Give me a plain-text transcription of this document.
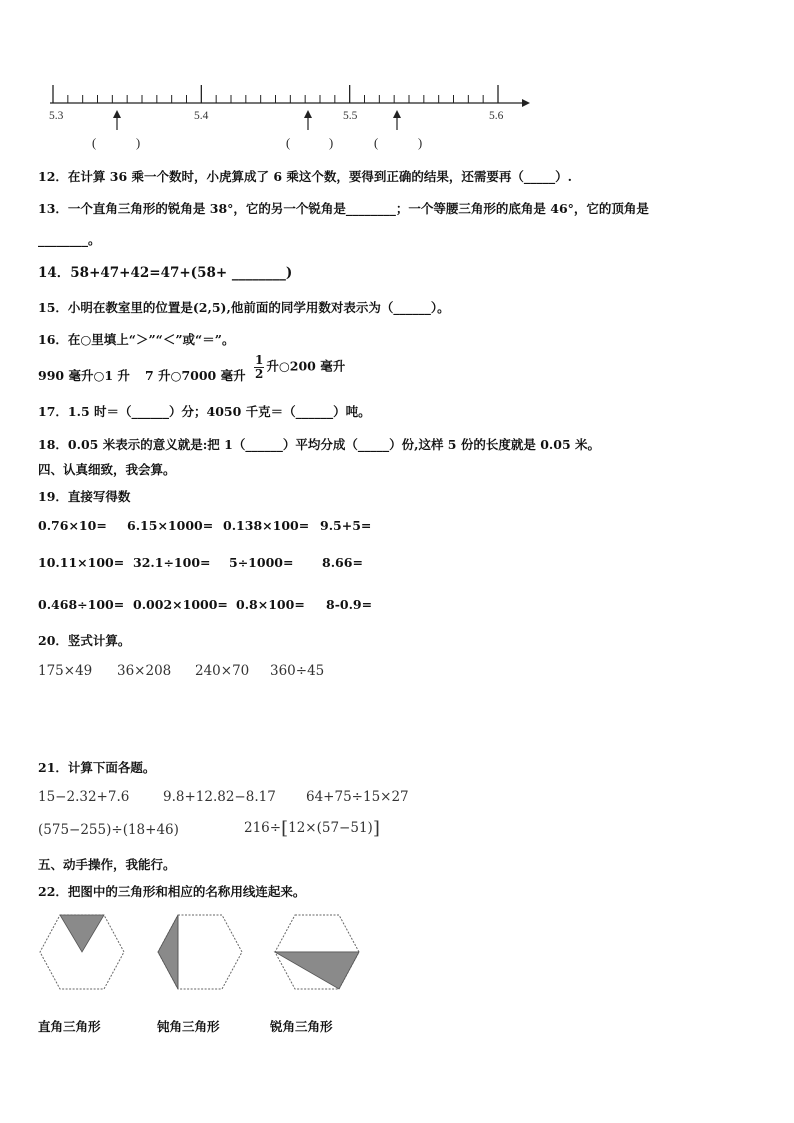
5.3	5.4	5.5	5.6
(	)	(	)	(	)
12．在计算 36 乘一个数时，小虎算成了 6 乘这个数，要得到正确的结果，还需要再（_____）.
13．一个直角三角形的锐角是 38°，它的另一个锐角是________；一个等腰三角形的底角是 46°，它的顶角是
________。
14．58+47+42=47+(58+ ________)
15．小明在教室里的位置是(2,5),他前面的同学用数对表示为（______）。
16．在○里填上“＞”“＜”或“＝”。
990 毫升○1 升 7 升○7000 毫升 $\frac{1}{2}$ 升○200 毫升
17．1.5 时＝（______）分；4050 千克＝（______）吨。
18．0.05 米表示的意义就是:把 1（______）平均分成（_____）份,这样 5 份的长度就是 0.05 米。
四、认真细致，我会算。
19．直接写得数
0.76×10= 6.15×1000= 0.138×100= 9.5+5=
10.11×100= 32.1÷100= 5÷1000= 8.66=
0.468÷100= 0.002×1000= 0.8×100= 8-0.9=
20．竖式计算。
175×49 36×208 240×70 360÷45
21．计算下面各题。
15−2.32+7.6 9.8+12.82−8.17 64+75÷15×27
(575−255)÷(18+46)	216÷[12×(57−51)]
五、动手操作，我能行。
22．把图中的三角形和相应的名称用线连起来。
直角三角形	钝角三角形	锐角三角形
